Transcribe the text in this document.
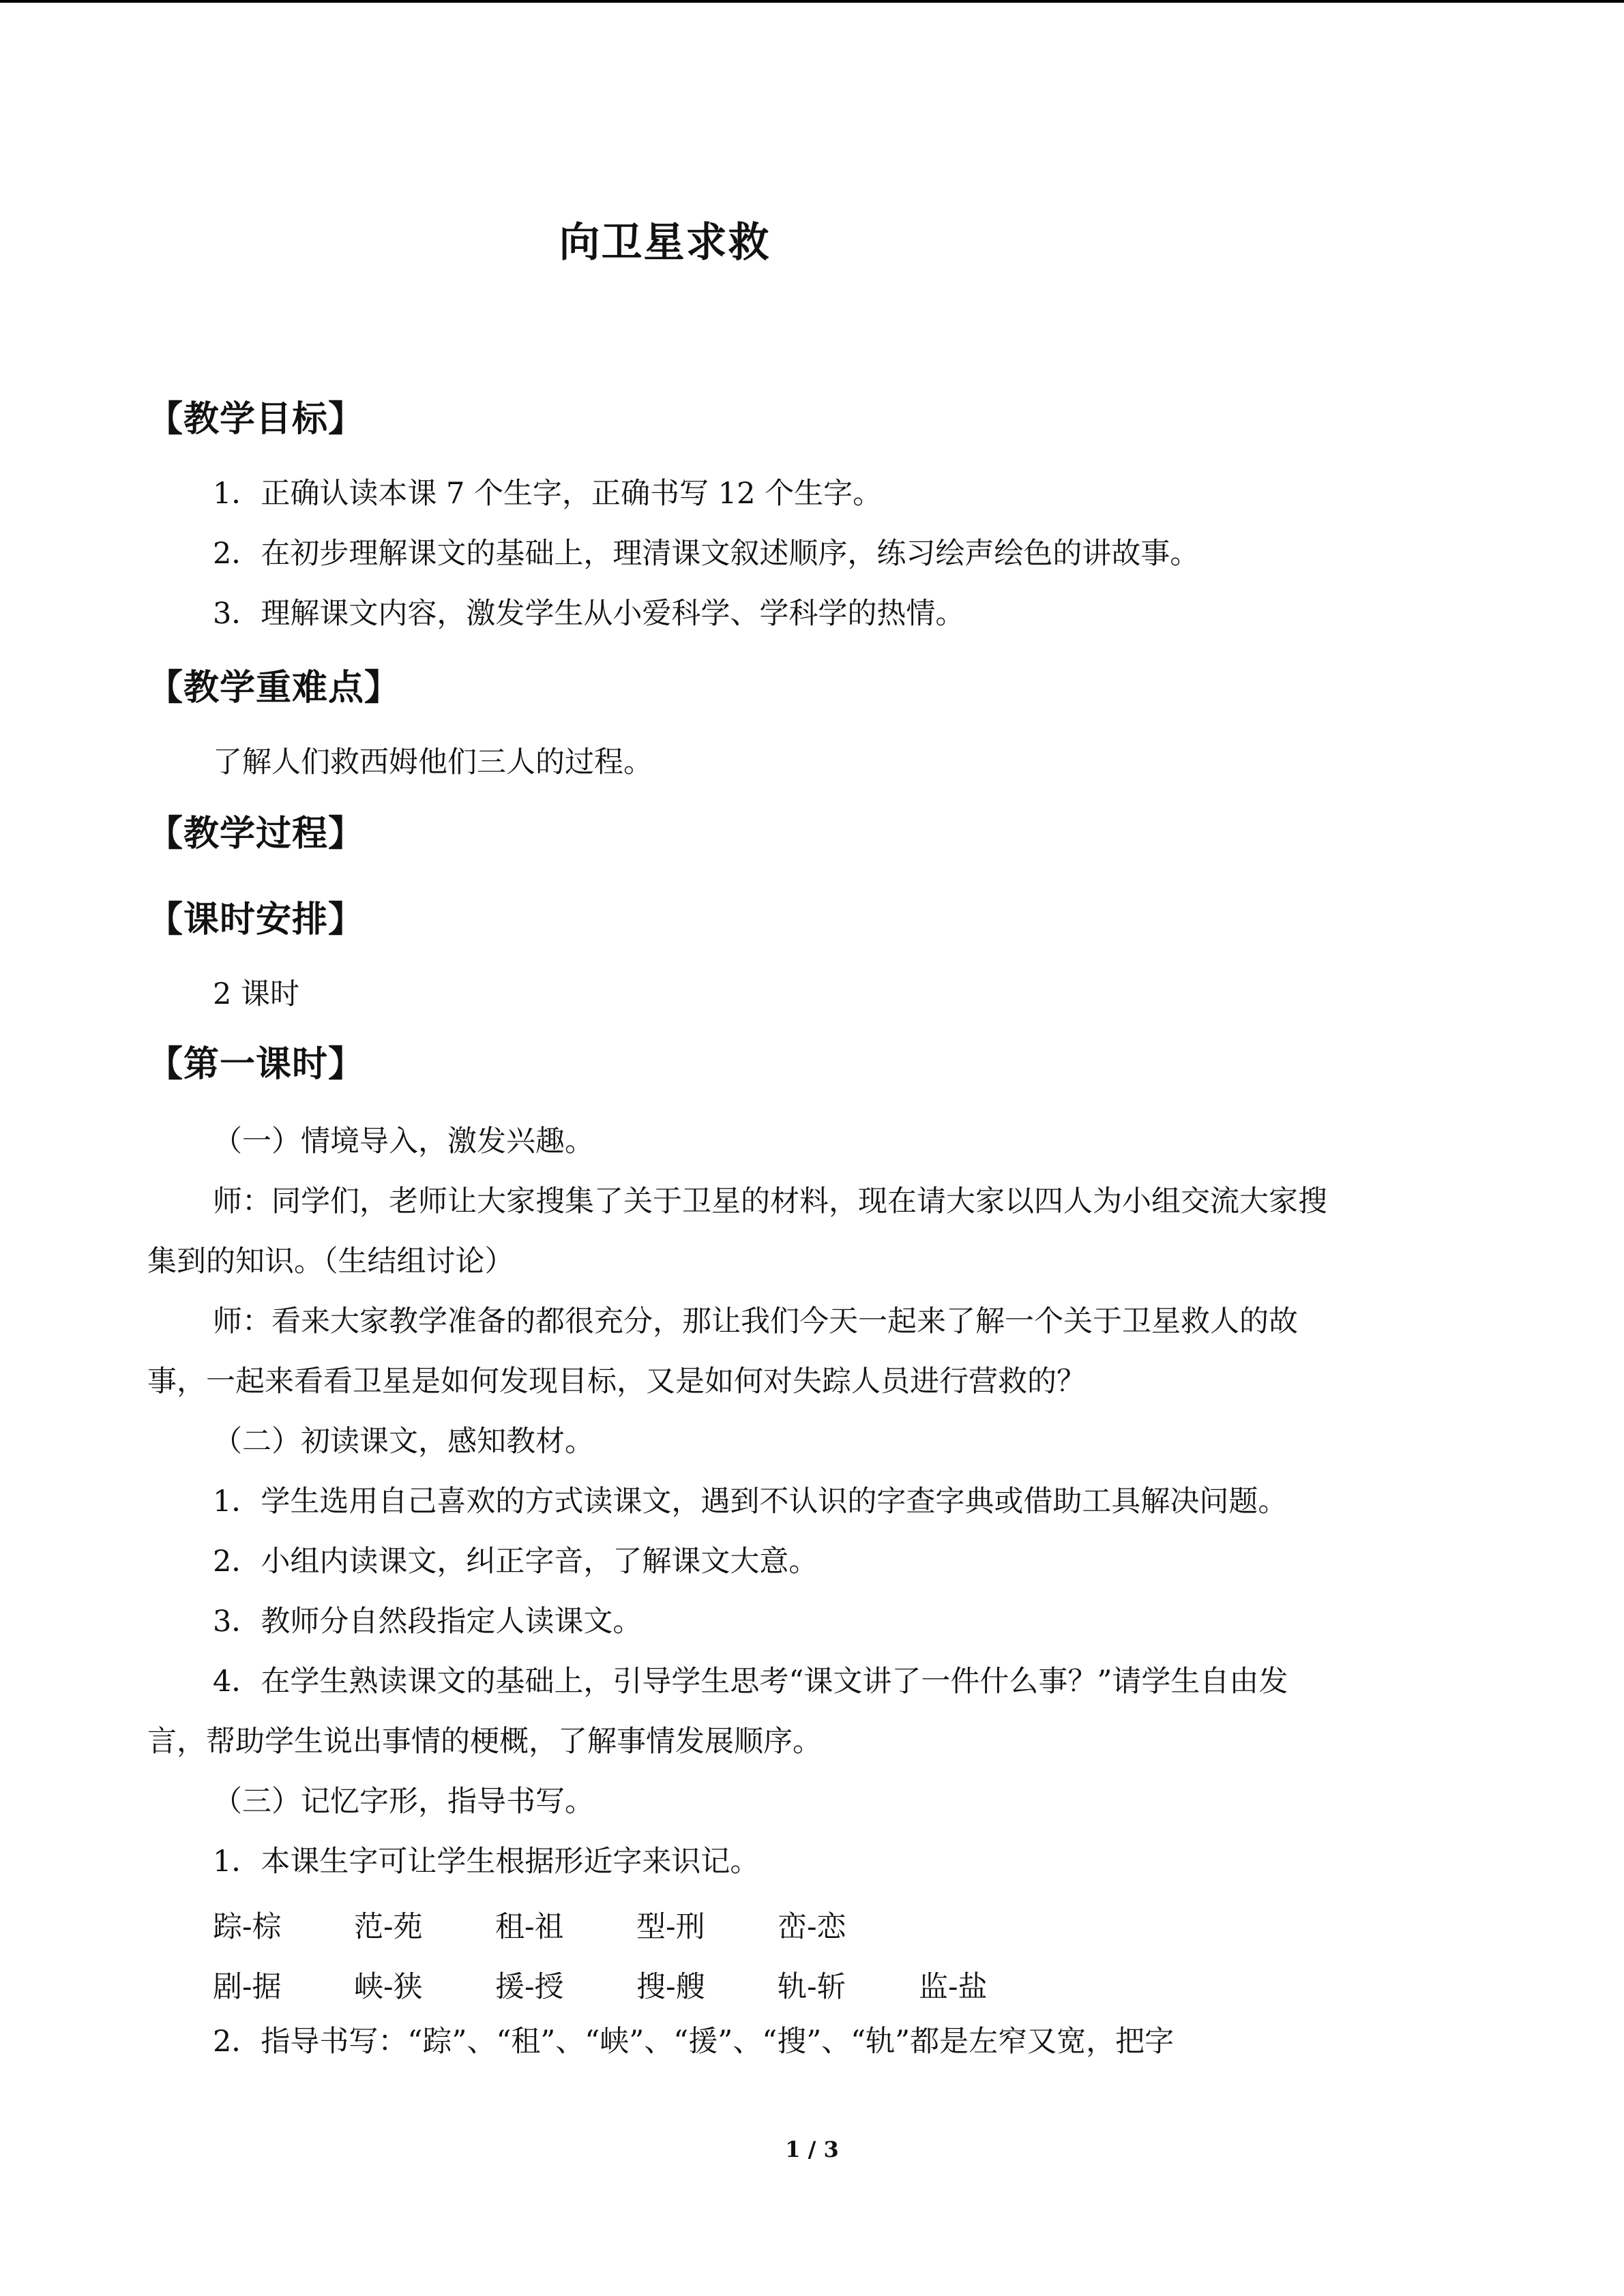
向卫星求救
【教学目标】
1．正确认读本课 7 个生字，正确书写 12 个生字。
2．在初步理解课文的基础上，理清课文叙述顺序，练习绘声绘色的讲故事。
3．理解课文内容，激发学生从小爱科学、学科学的热情。
【教学重难点】
了解人们救西姆他们三人的过程。
【教学过程】
【课时安排】
2 课时
【第一课时】
（一）情境导入，激发兴趣。
师：同学们，老师让大家搜集了关于卫星的材料，现在请大家以四人为小组交流大家搜
集到的知识。（生结组讨论）
师：看来大家教学准备的都很充分，那让我们今天一起来了解一个关于卫星救人的故
事，一起来看看卫星是如何发现目标，又是如何对失踪人员进行营救的？
（二）初读课文，感知教材。
1．学生选用自己喜欢的方式读课文，遇到不认识的字查字典或借助工具解决问题。
2．小组内读课文，纠正字音，了解课文大意。
3．教师分自然段指定人读课文。
4．在学生熟读课文的基础上，引导学生思考“课文讲了一件什么事？”请学生自由发
言，帮助学生说出事情的梗概，了解事情发展顺序。
（三）记忆字形，指导书写。
1．本课生字可让学生根据形近字来识记。
踪-棕 范-苑 租-祖 型-刑 峦-恋
剧-据 峡-狭 援-授 搜-艘 轨-斩 监-盐
2．指导书写：“踪”、“租”、“峡”、“援”、“搜”、“轨”都是左窄又宽，把字
1 / 3
